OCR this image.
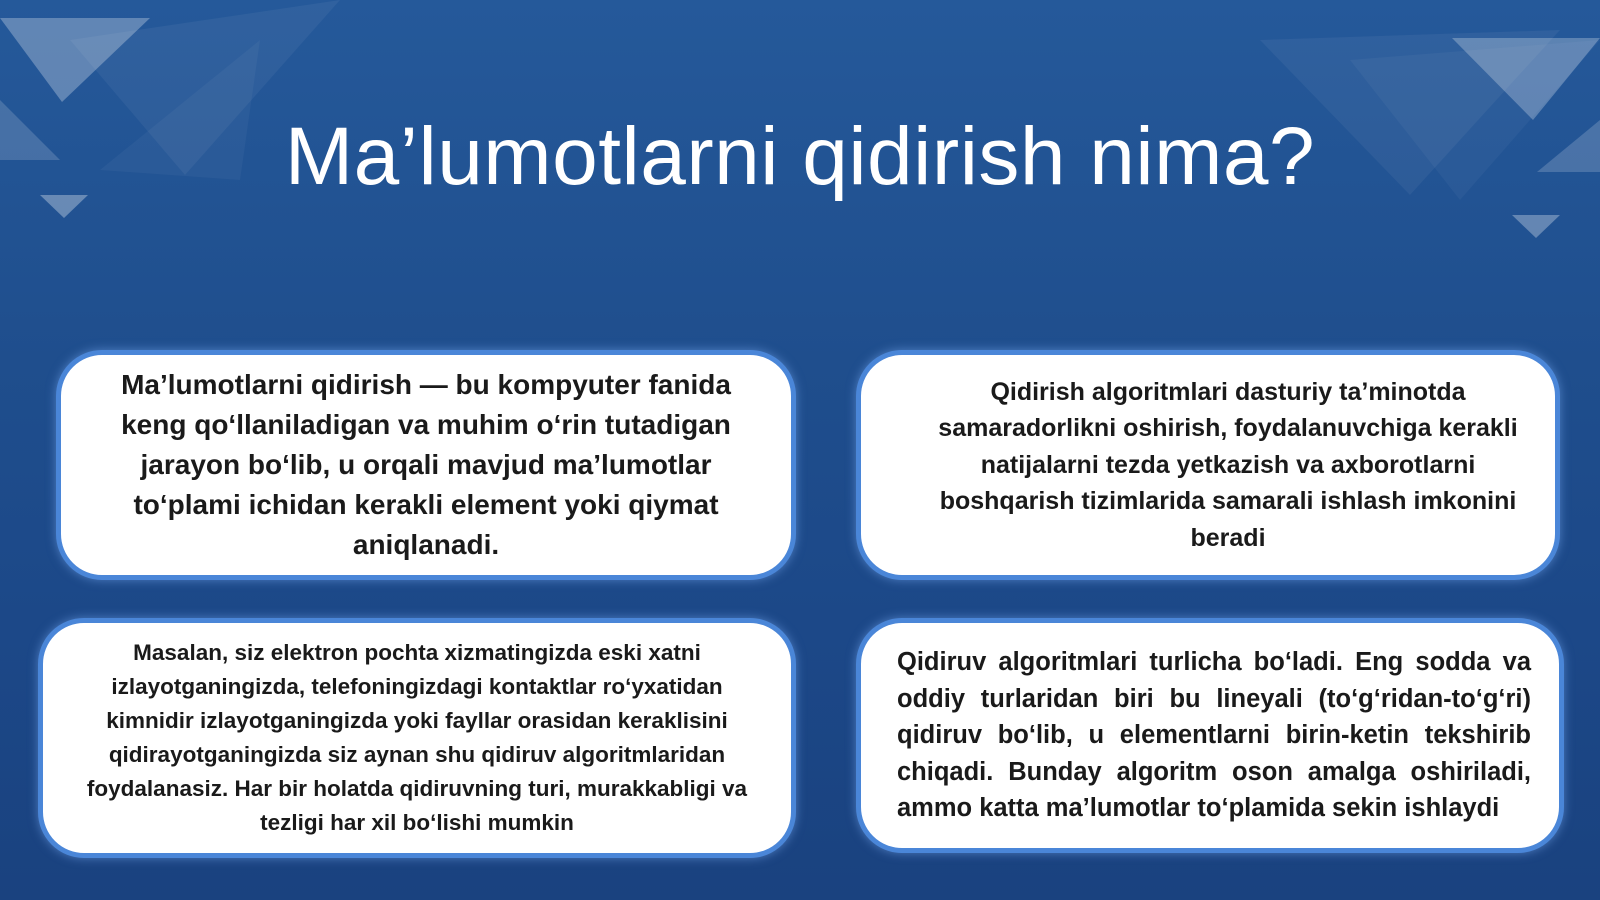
Ma’lumotlarni qidirish nima?

Ma’lumotlarni qidirish — bu kompyuter fanida keng qo‘llaniladigan va muhim o‘rin tutadigan jarayon bo‘lib, u orqali mavjud ma’lumotlar to‘plami ichidan kerakli element yoki qiymat aniqlanadi.

Qidirish algoritmlari dasturiy ta’minotda samaradorlikni oshirish, foydalanuvchiga kerakli natijalarni tezda yetkazish va axborotlarni boshqarish tizimlarida samarali ishlash imkonini beradi

Masalan, siz elektron pochta xizmatingizda eski xatni izlayotganingizda, telefoningizdagi kontaktlar ro‘yxatidan kimnidir izlayotganingizda yoki fayllar orasidan keraklisini qidirayotganingizda siz aynan shu qidiruv algoritmlaridan foydalanasiz. Har bir holatda qidiruvning turi, murakkabligi va tezligi har xil bo‘lishi mumkin

Qidiruv algoritmlari turlicha bo‘ladi. Eng sodda va oddiy turlaridan biri bu lineyali (to‘g‘ridan-to‘g‘ri) qidiruv bo‘lib, u elementlarni birin-ketin tekshirib chiqadi. Bunday algoritm oson amalga oshiriladi, ammo katta ma’lumotlar to‘plamida sekin ishlaydi
